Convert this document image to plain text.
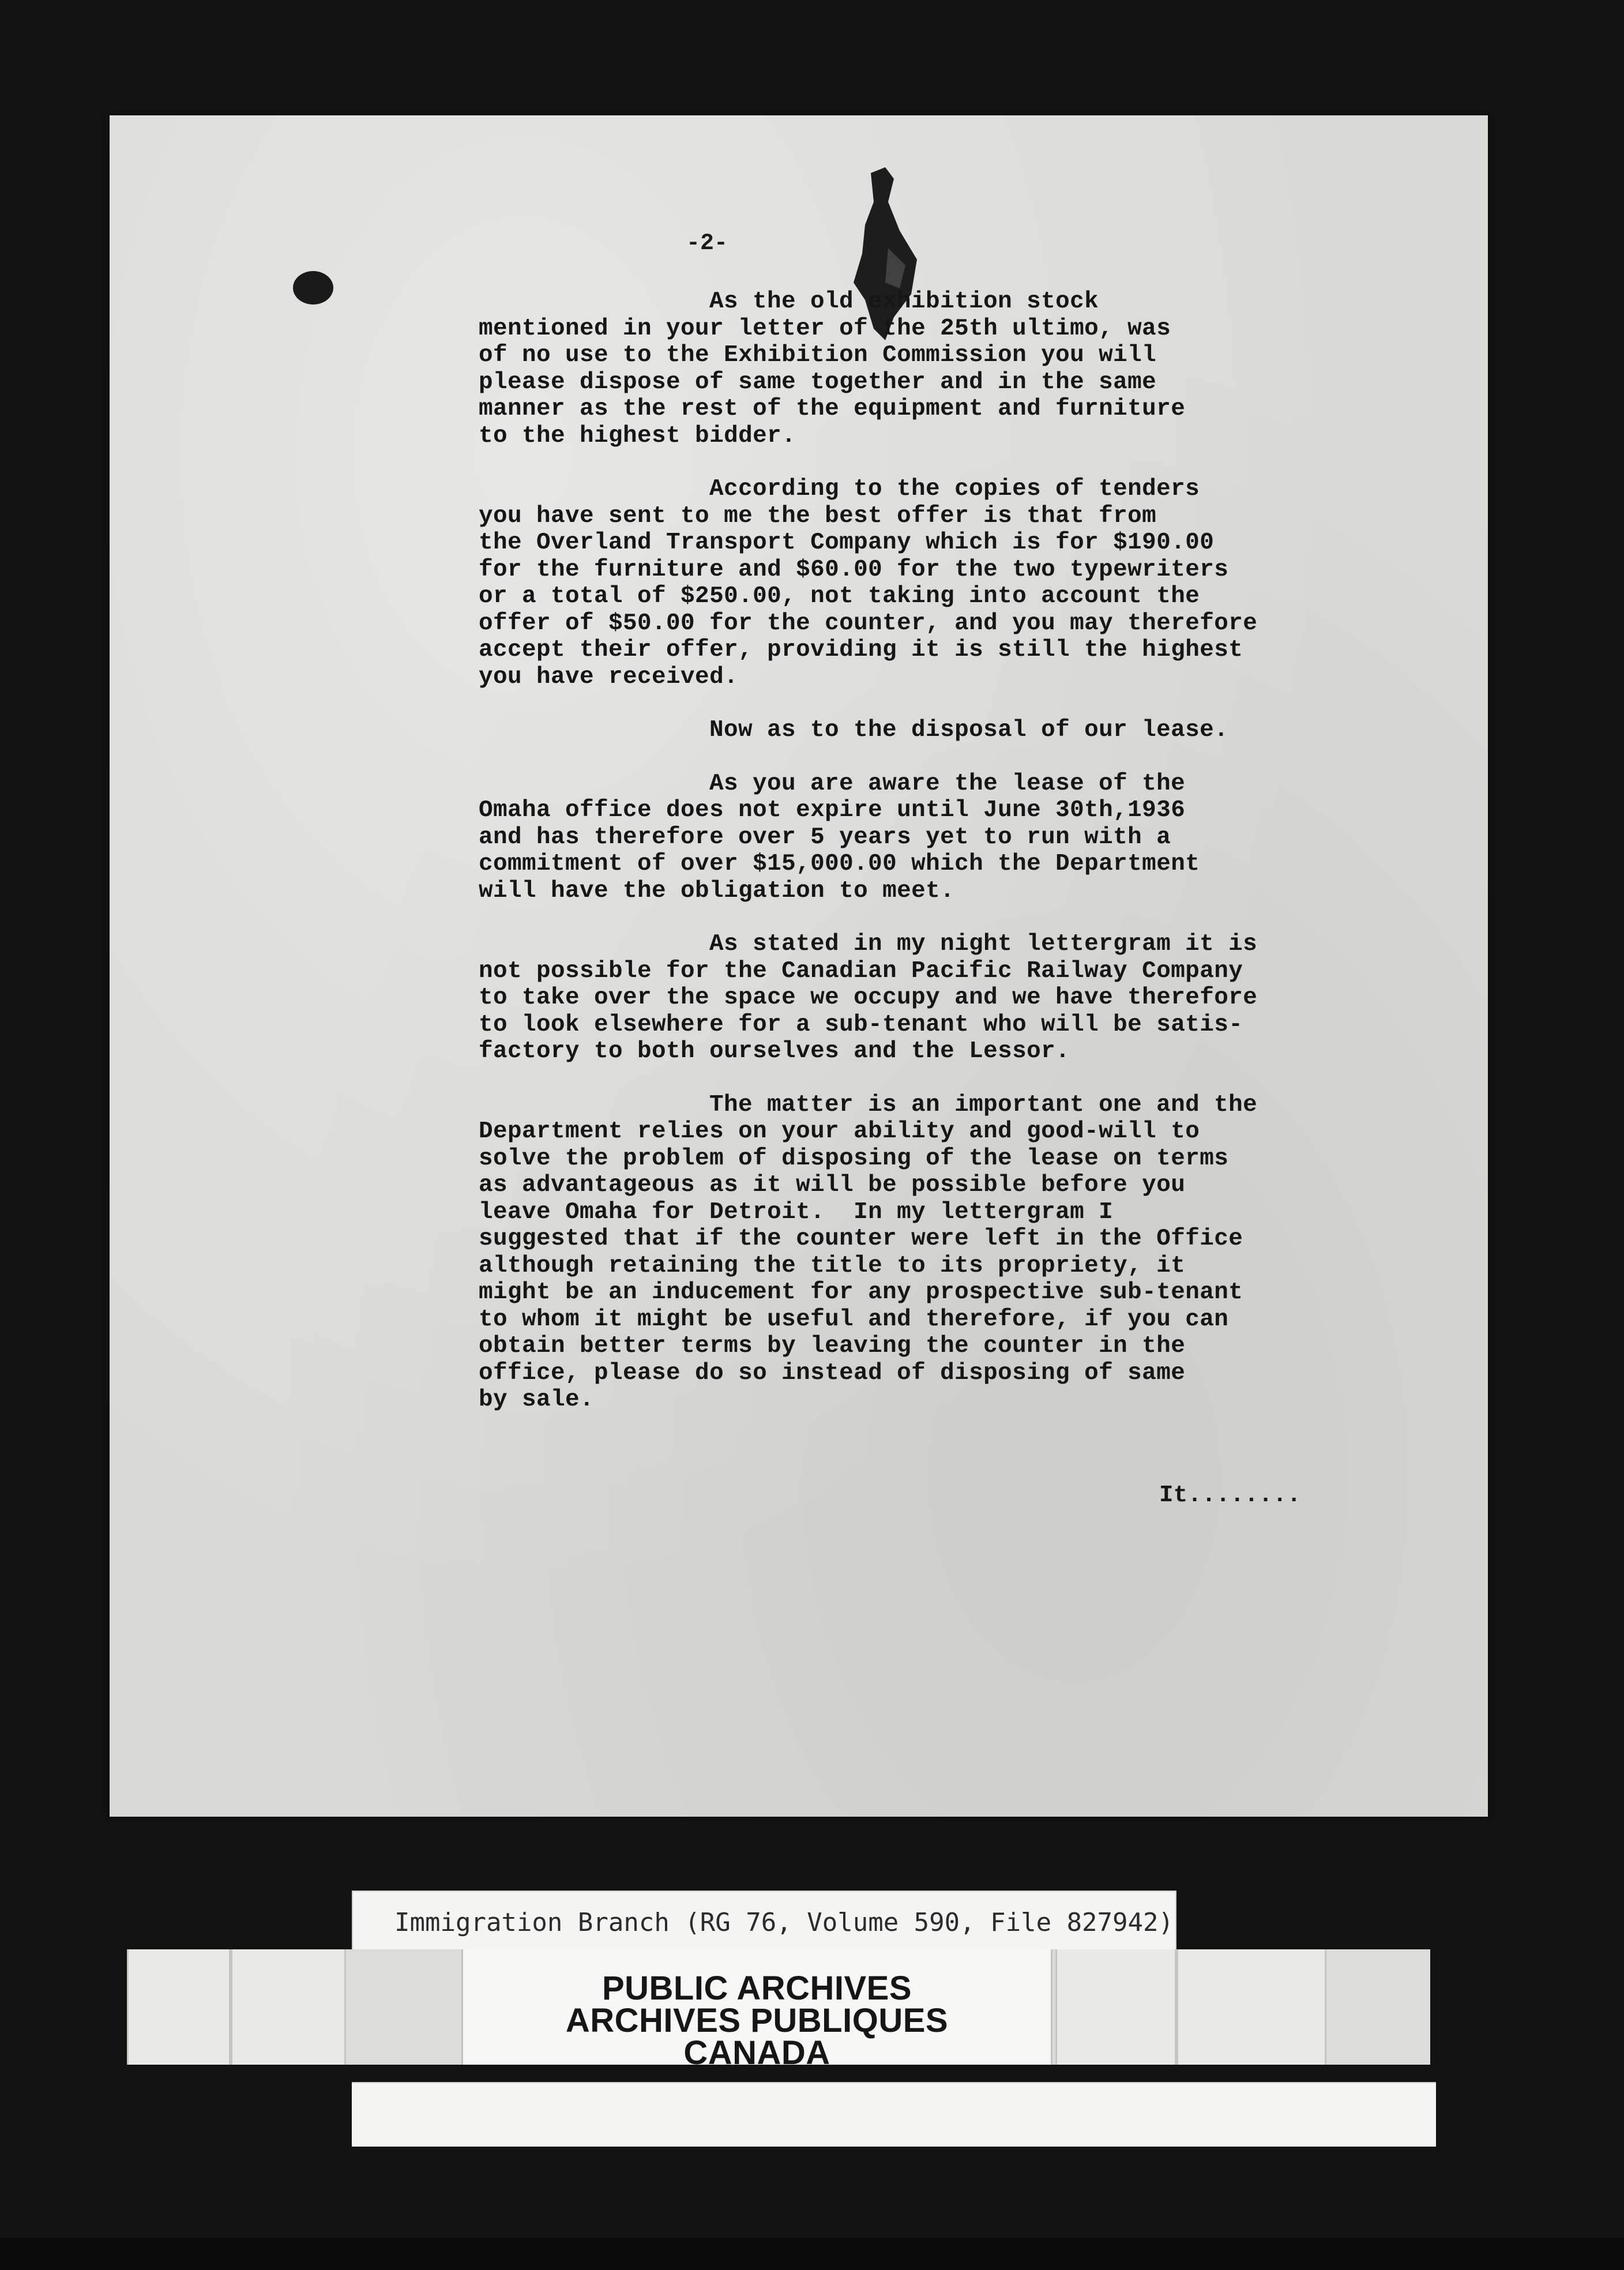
-2-
As the old exhibition stock
mentioned in your letter of the 25th ultimo, was
of no use to the Exhibition Commission you will
please dispose of same together and in the same
manner as the rest of the equipment and furniture
to the highest bidder.
According to the copies of tenders
you have sent to me the best offer is that from
the Overland Transport Company which is for $190.00
for the furniture and $60.00 for the two typewriters
or a total of $250.00, not taking into account the
offer of $50.00 for the counter, and you may therefore
accept their offer, providing it is still the highest
you have received.
Now as to the disposal of our lease.
As you are aware the lease of the
Omaha office does not expire until June 30th,1936
and has therefore over 5 years yet to run with a
commitment of over $15,000.00 which the Department
will have the obligation to meet.
As stated in my night lettergram it is
not possible for the Canadian Pacific Railway Company
to take over the space we occupy and we have therefore
to look elsewhere for a sub-tenant who will be satis-
factory to both ourselves and the Lessor.
The matter is an important one and the
Department relies on your ability and good-will to
solve the problem of disposing of the lease on terms
as advantageous as it will be possible before you
leave Omaha for Detroit.  In my lettergram I
suggested that if the counter were left in the Office
although retaining the title to its propriety, it
might be an inducement for any prospective sub-tenant
to whom it might be useful and therefore, if you can
obtain better terms by leaving the counter in the
office, please do so instead of disposing of same
by sale.
It........
Immigration Branch (RG 76, Volume 590, File 827942)
PUBLIC ARCHIVES
ARCHIVES PUBLIQUES
CANADA
